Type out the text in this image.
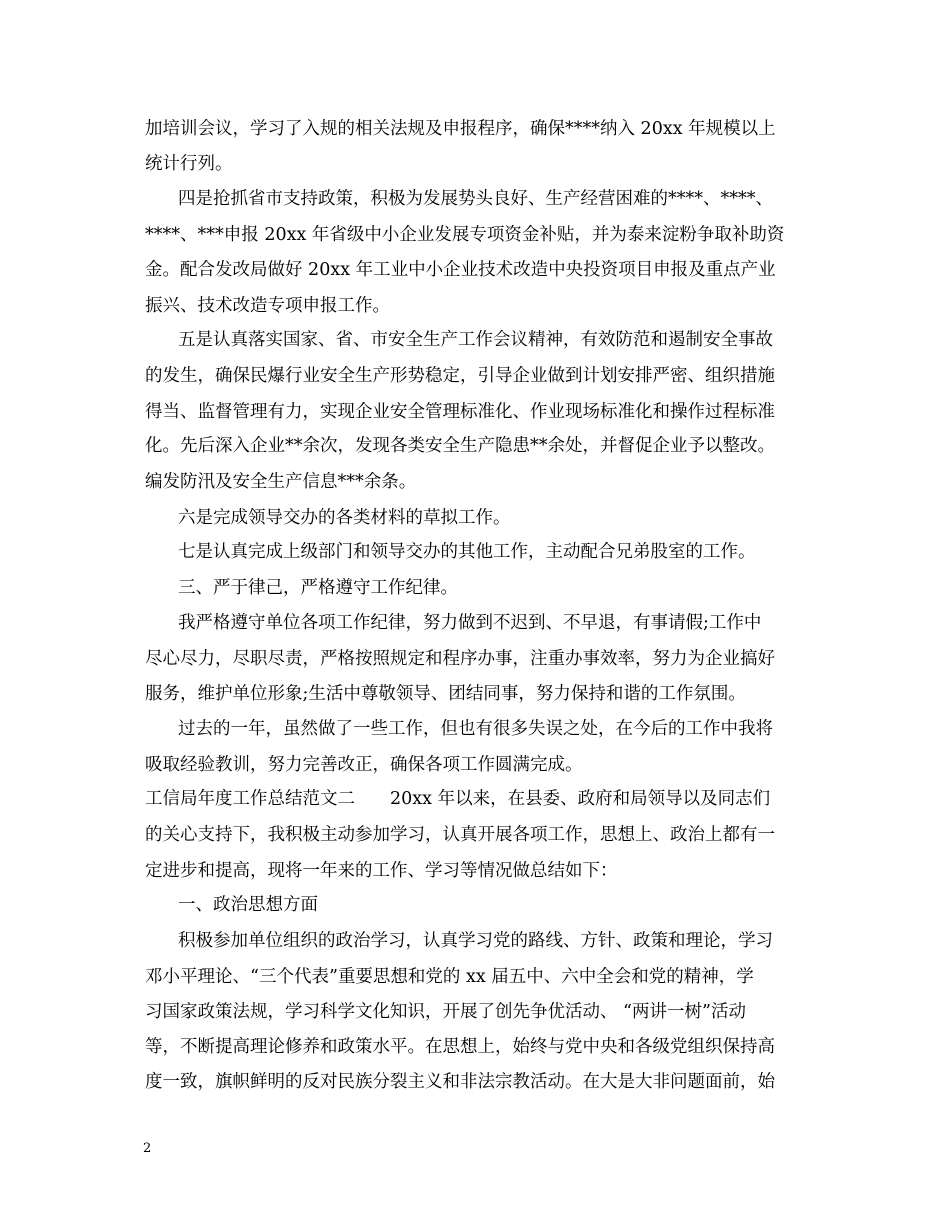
加培训会议，学习了入规的相关法规及申报程序，确保****纳入 20xx 年规模以上
统计行列。
四是抢抓省市支持政策，积极为发展势头良好、生产经营困难的****、****、
****、***申报 20xx 年省级中小企业发展专项资金补贴，并为泰来淀粉争取补助资
金。配合发改局做好 20xx 年工业中小企业技术改造中央投资项目申报及重点产业
振兴、技术改造专项申报工作。
五是认真落实国家、省、市安全生产工作会议精神，有效防范和遏制安全事故
的发生，确保民爆行业安全生产形势稳定，引导企业做到计划安排严密、组织措施
得当、监督管理有力，实现企业安全管理标准化、作业现场标准化和操作过程标准
化。先后深入企业**余次，发现各类安全生产隐患**余处，并督促企业予以整改。
编发防汛及安全生产信息***余条。
六是完成领导交办的各类材料的草拟工作。
七是认真完成上级部门和领导交办的其他工作，主动配合兄弟股室的工作。
三、严于律己，严格遵守工作纪律。
我严格遵守单位各项工作纪律，努力做到不迟到、不早退，有事请假;工作中
尽心尽力，尽职尽责，严格按照规定和程序办事，注重办事效率，努力为企业搞好
服务，维护单位形象;生活中尊敬领导、团结同事，努力保持和谐的工作氛围。
过去的一年，虽然做了一些工作，但也有很多失误之处，在今后的工作中我将
吸取经验教训，努力完善改正，确保各项工作圆满完成。
工信局年度工作总结范文二　　20xx 年以来，在县委、政府和局领导以及同志们
的关心支持下，我积极主动参加学习，认真开展各项工作，思想上、政治上都有一
定进步和提高，现将一年来的工作、学习等情况做总结如下：
一、政治思想方面
积极参加单位组织的政治学习，认真学习党的路线、方针、政策和理论，学习
邓小平理论、“三个代表”重要思想和党的 xx 届五中、六中全会和党的精神，学
习国家政策法规，学习科学文化知识，开展了创先争优活动、 “两讲一树”活动
等，不断提高理论修养和政策水平。在思想上，始终与党中央和各级党组织保持高
度一致，旗帜鲜明的反对民族分裂主义和非法宗教活动。在大是大非问题面前，始
2
